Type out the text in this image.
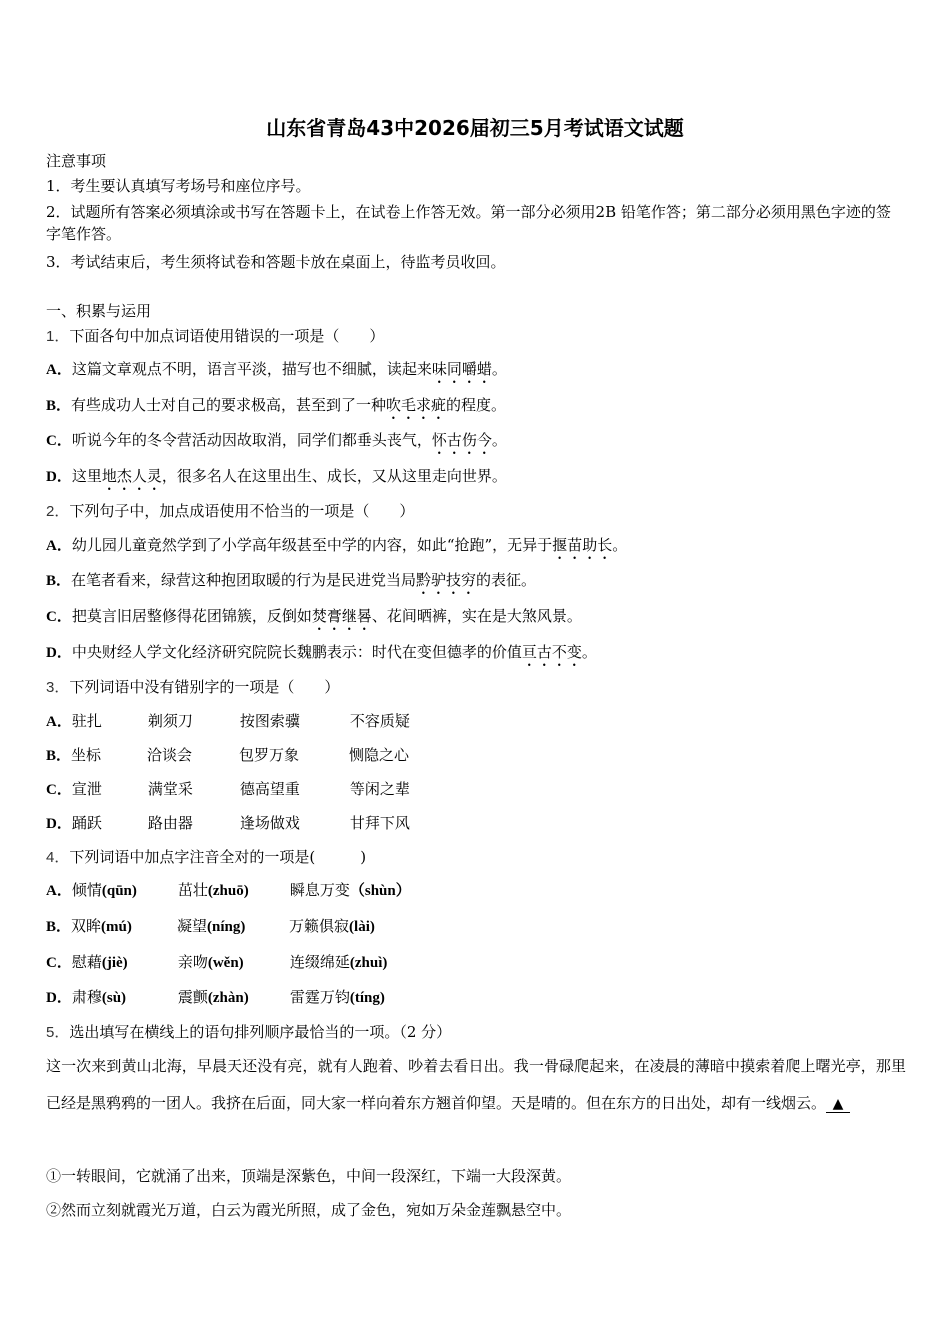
山东省青岛43中2026届初三5月考试语文试题
注意事项
1．考生要认真填写考场号和座位序号。
2．试题所有答案必须填涂或书写在答题卡上，在试卷上作答无效。第一部分必须用2B 铅笔作答；第二部分必须用黑色字迹的签字笔作答。
3．考试结束后，考生须将试卷和答题卡放在桌面上，待监考员收回。
一、积累与运用
1．下面各句中加点词语使用错误的一项是（　　）
A．这篇文章观点不明，语言平淡，描写也不细腻，读起来味同嚼蜡。
B．有些成功人士对自己的要求极高，甚至到了一种吹毛求疵的程度。
C．听说今年的冬令营活动因故取消，同学们都垂头丧气，怀古伤今。
D．这里地杰人灵，很多名人在这里出生、成长，又从这里走向世界。
2．下列句子中，加点成语使用不恰当的一项是（　　）
A．幼儿园儿童竟然学到了小学高年级甚至中学的内容，如此“抢跑”，无异于揠苗助长。
B．在笔者看来，绿营这种抱团取暖的行为是民进党当局黔驴技穷的表征。
C．把莫言旧居整修得花团锦簇，反倒如焚膏继晷、花间晒裤，实在是大煞风景。
D．中央财经人学文化经济研究院院长魏鹏表示：时代在变但德孝的价值亘古不变。
3．下列词语中没有错别字的一项是（　　）
A．驻扎	剃须刀	按图索骥	不容质疑
B．坐标	洽谈会	包罗万象	恻隐之心
C．宣泄	满堂采	德高望重	等闲之辈
D．踊跃	路由器	逢场做戏	甘拜下风
4．下列词语中加点字注音全对的一项是(　　　)
A．倾情(qūn)	茁壮(zhuō)	瞬息万变（shùn）
B．双眸(mú)	凝望(níng)	万籁俱寂(lài)
C．慰藉(jiè)	亲吻(wěn)	连缀绵延(zhuì)
D．肃穆(sù)	震颤(zhàn)	雷霆万钧(tíng)
5．选出填写在横线上的语句排列顺序最恰当的一项。（2 分）
这一次来到黄山北海，早晨天还没有亮，就有人跑着、吵着去看日出。我一骨碌爬起来，在凌晨的薄暗中摸索着爬上曙光亭，那里已经是黑鸦鸦的一团人。我挤在后面，同大家一样向着东方翘首仰望。天是晴的。但在东方的日出处，却有一线烟云。 ▲
①一转眼间，它就涌了出来，顶端是深紫色，中间一段深红，下端一大段深黄。
②然而立刻就霞光万道，白云为霞光所照，成了金色，宛如万朵金莲飘悬空中。
